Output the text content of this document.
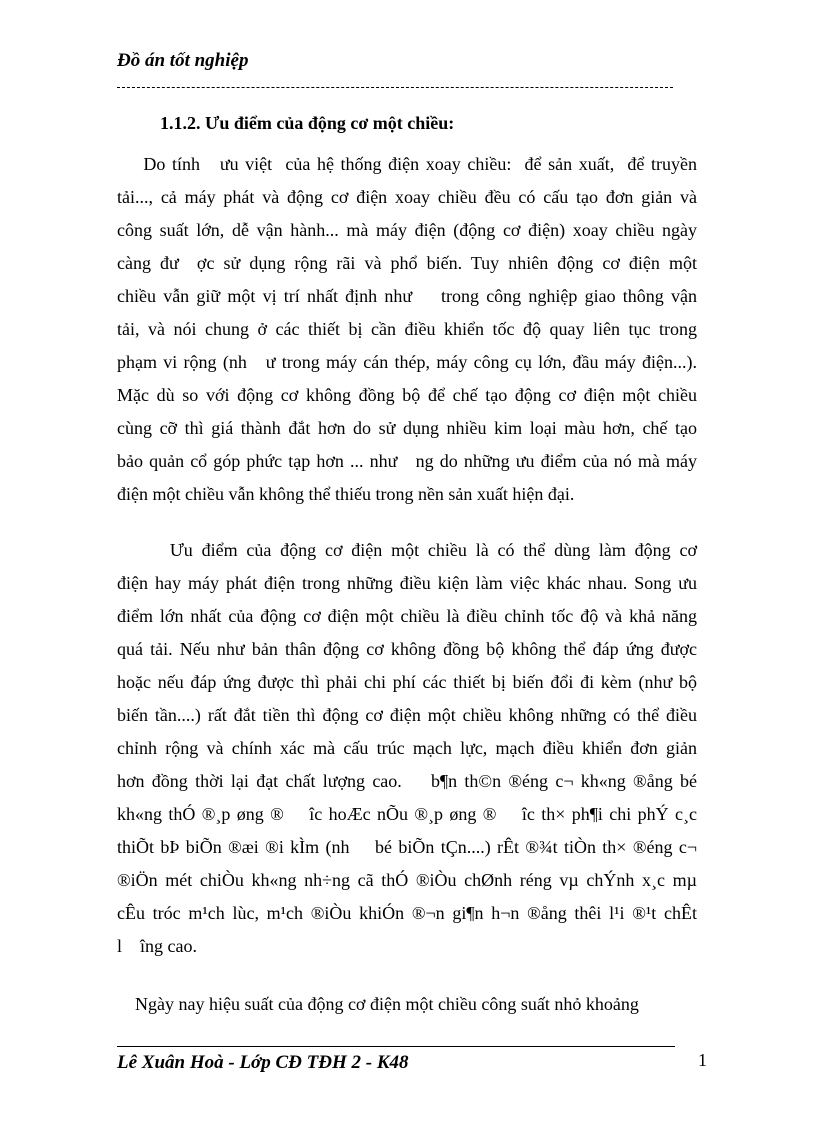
Đồ án tốt nghiệp
1.1.2. Ưu điểm của động cơ một chiều:
Do tính   ưu việt  của hệ thống điện xoay chiều:  để sản xuất,  để truyền
tải..., cả máy phát và động cơ điện xoay chiều đều có cấu tạo đơn giản và
công suất lớn, dễ vận hành... mà máy điện (động cơ điện) xoay chiều ngày
càng đư  ợc sử dụng rộng rãi và phổ biến. Tuy nhiên động cơ điện một
chiều vẫn giữ một vị trí nhất định như    trong công nghiệp giao thông vận
tải, và nói chung ở các thiết bị cần điều khiển tốc độ quay liên tục trong
phạm vi rộng (nh   ư trong máy cán thép, máy công cụ lớn, đầu máy điện...).
Mặc dù so với động cơ không đồng bộ để chế tạo động cơ điện một chiều
cùng cỡ thì giá thành đắt hơn do sử dụng nhiều kim loại màu hơn, chế tạo
bảo quản cổ góp phức tạp hơn ... như   ng do những ưu điểm của nó mà máy
điện một chiều vẫn không thể thiếu trong nền sản xuất hiện đại.
Ưu điểm của động cơ điện một chiều là có thể dùng làm động cơ
điện hay máy phát điện trong những điều kiện làm việc khác nhau. Song ưu
điểm lớn nhất của động cơ điện một chiều là điều chỉnh tốc độ và khả năng
quá tải. Nếu như bản thân động cơ không đồng bộ không thể đáp ứng được
hoặc nếu đáp ứng được thì phải chi phí các thiết bị biến đổi đi kèm (như bộ
biến tần....) rất đắt tiền thì động cơ điện một chiều không những có thể điều
chỉnh rộng và chính xác mà cấu trúc mạch lực, mạch điều khiển đơn giản
hơn đồng thời lại đạt chất lượng cao.    b¶n th©n ®éng c¬ kh«ng ®ång bé
kh«ng thÓ ®¸p øng ®    îc hoÆc nÕu ®¸p øng ®    îc th× ph¶i chi phÝ c¸c
thiÕt bÞ biÕn ®æi ®i kÌm (nh    bé biÕn tÇn....) rÊt ®¾t tiÒn th× ®éng c¬
®iÖn mét chiÒu kh«ng nh÷ng cã thÓ ®iÒu chØnh réng vµ chÝnh x¸c mµ
cÊu tróc m¹ch lùc, m¹ch ®iÒu khiÓn ®¬n gi¶n h¬n ®ång thêi l¹i ®¹t chÊt
l    îng cao.
Ngày nay hiệu suất của động cơ điện một chiều công suất nhỏ khoảng
Lê Xuân Hoà - Lớp CĐ TĐH 2 - K48	1
